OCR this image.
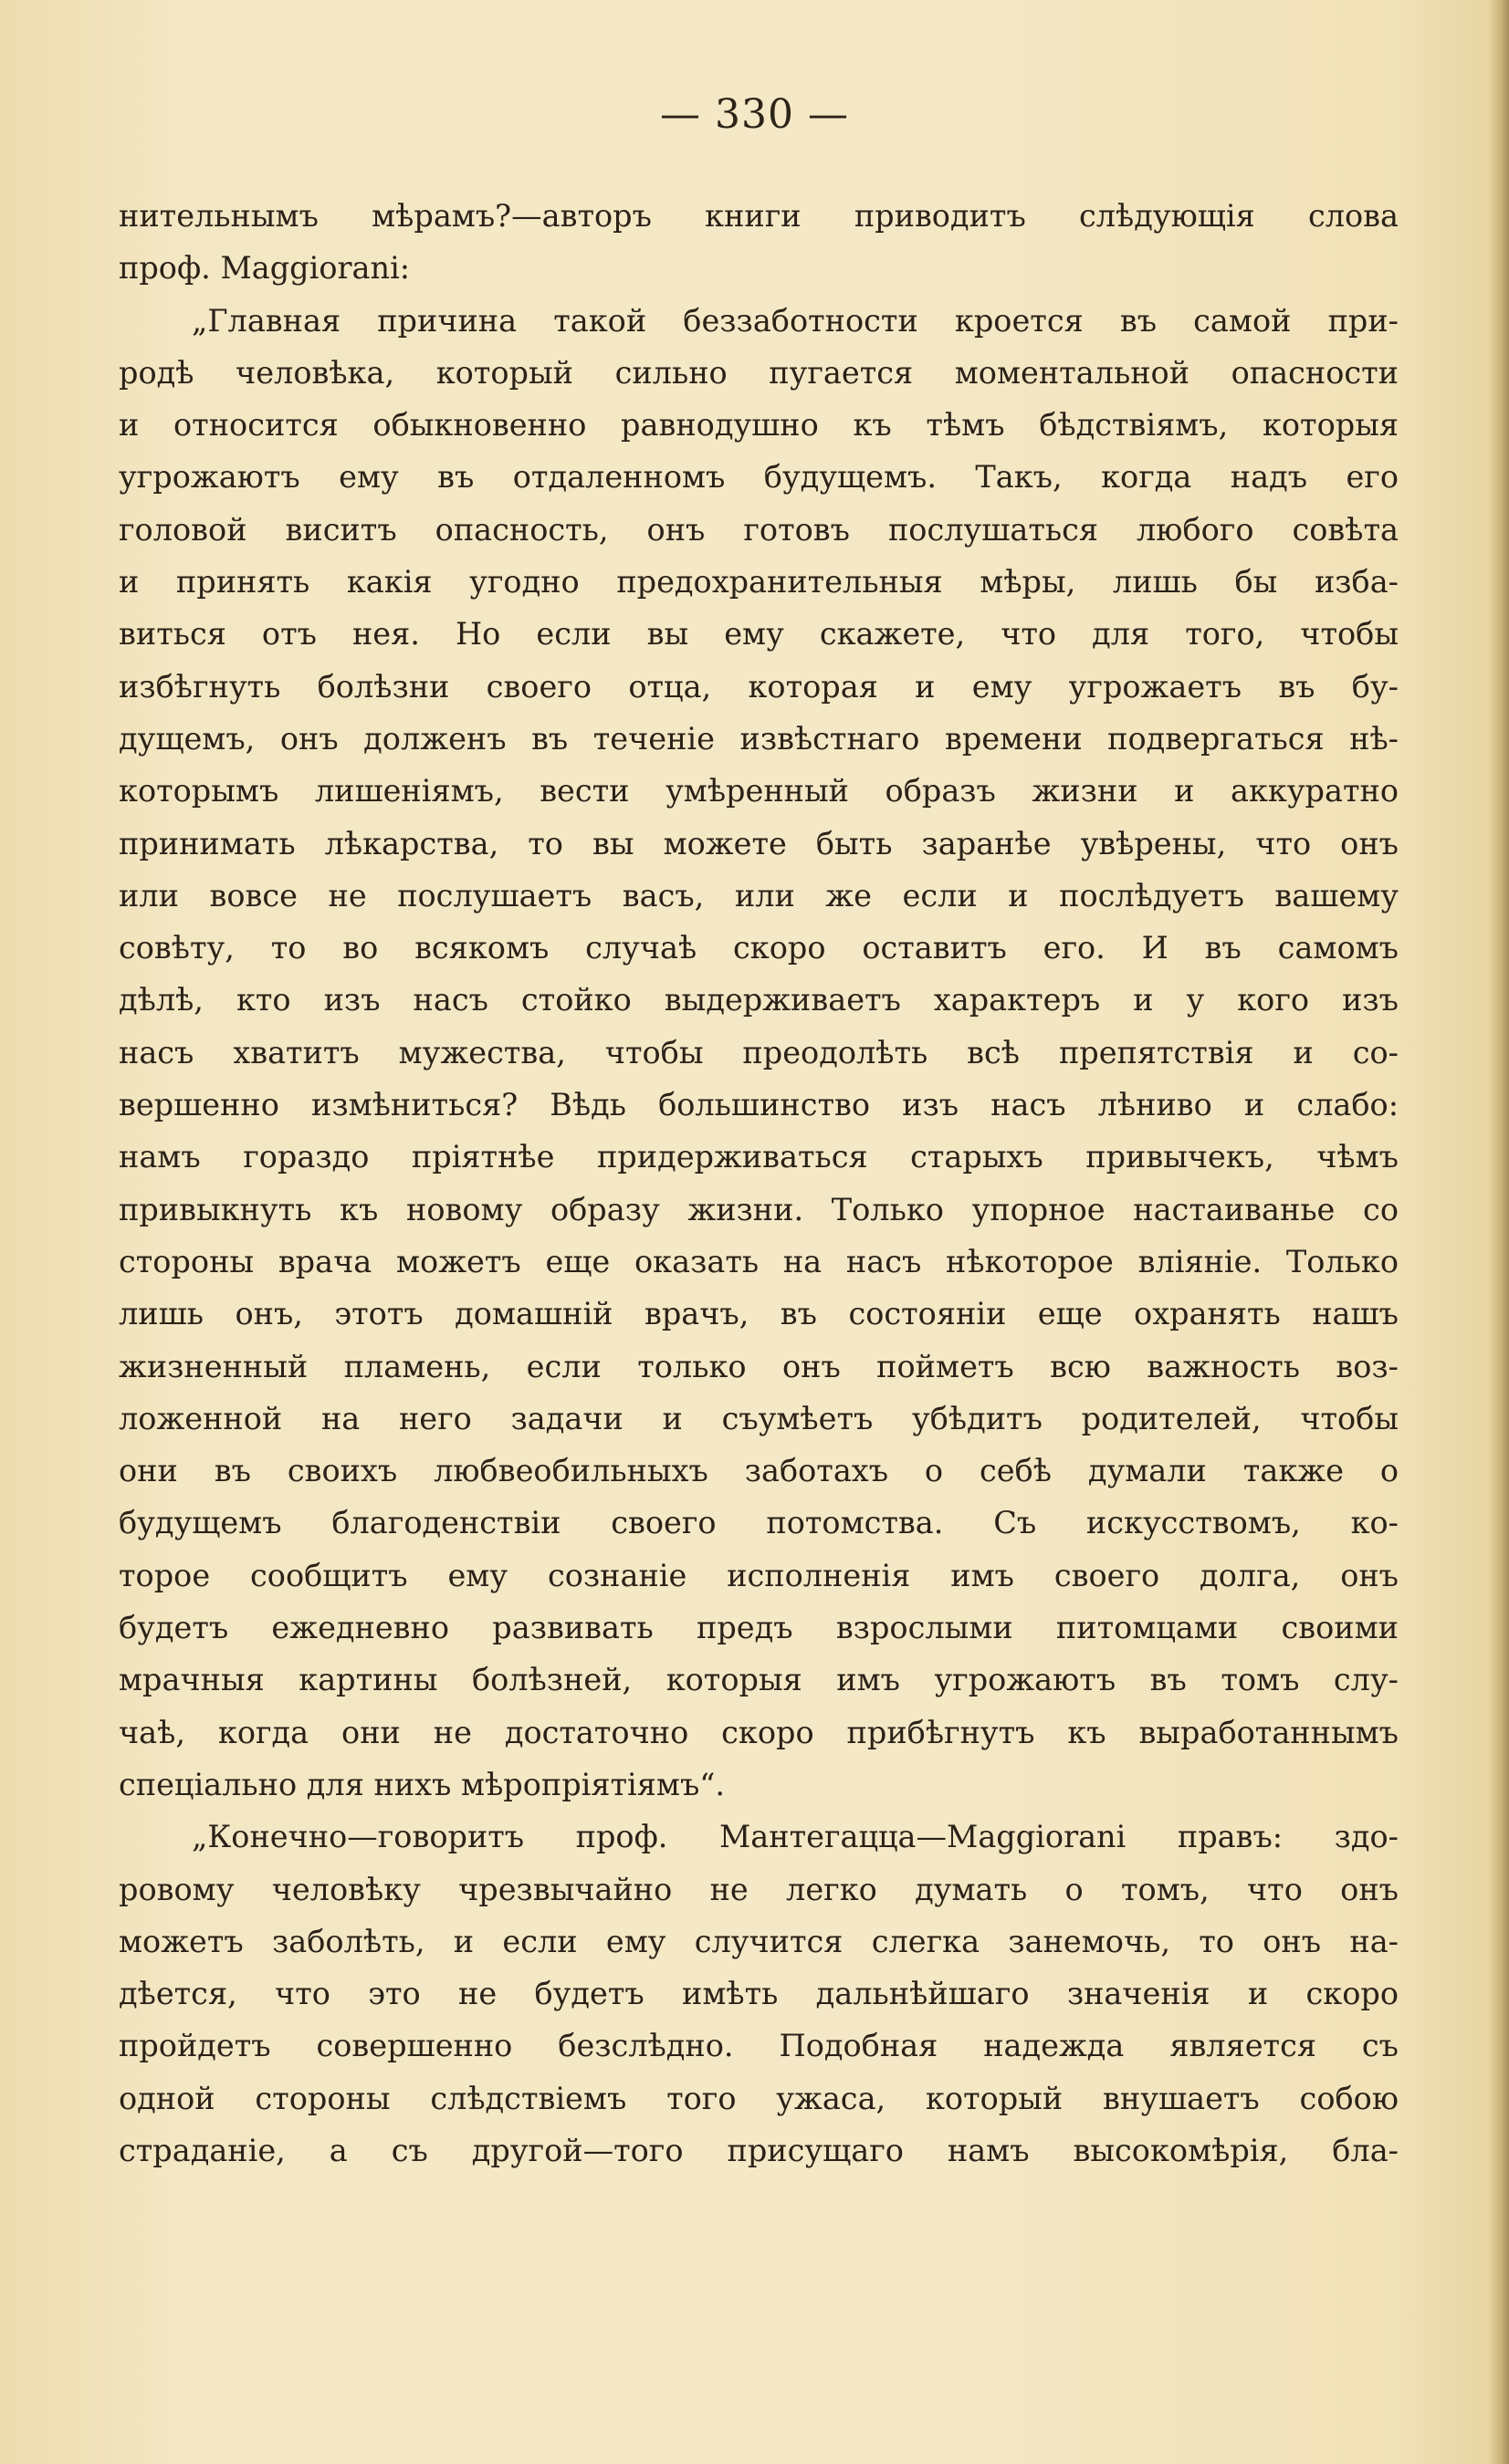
— 330 —
нительнымъ мѣрамъ?—авторъ книги приводитъ слѣдующія слова
проф. Maggiorani:
„Главная причина такой беззаботности кроется въ самой при-
родѣ человѣка, который сильно пугается моментальной опасности
и относится обыкновенно равнодушно къ тѣмъ бѣдствіямъ, которыя
угрожаютъ ему въ отдаленномъ будущемъ. Такъ, когда надъ его
головой виситъ опасность, онъ готовъ послушаться любого совѣта
и принять какія угодно предохранительныя мѣры, лишь бы изба-
виться отъ нея. Но если вы ему скажете, что для того, чтобы
избѣгнуть болѣзни своего отца, которая и ему угрожаетъ въ бу-
дущемъ, онъ долженъ въ теченіе извѣстнаго времени подвергаться нѣ-
которымъ лишеніямъ, вести умѣренный образъ жизни и аккуратно
принимать лѣкарства, то вы можете быть заранѣе увѣрены, что онъ
или вовсе не послушаетъ васъ, или же если и послѣдуетъ вашему
совѣту, то во всякомъ случаѣ скоро оставитъ его. И въ самомъ
дѣлѣ, кто изъ насъ стойко выдерживаетъ характеръ и у кого изъ
насъ хватитъ мужества, чтобы преодолѣть всѣ препятствія и со-
вершенно измѣниться? Вѣдь большинство изъ насъ лѣниво и слабо:
намъ гораздо пріятнѣе придерживаться старыхъ привычекъ, чѣмъ
привыкнуть къ новому образу жизни. Только упорное настаиванье со
стороны врача можетъ еще оказать на насъ нѣкоторое вліяніе. Только
лишь онъ, этотъ домашній врачъ, въ состояніи еще охранять нашъ
жизненный пламень, если только онъ пойметъ всю важность воз-
ложенной на него задачи и съумѣетъ убѣдитъ родителей, чтобы
они въ своихъ любвеобильныхъ заботахъ о себѣ думали также о
будущемъ благоденствіи своего потомства. Съ искусствомъ, ко-
торое сообщитъ ему сознаніе исполненія имъ своего долга, онъ
будетъ ежедневно развивать предъ взрослыми питомцами своими
мрачныя картины болѣзней, которыя имъ угрожаютъ въ томъ слу-
чаѣ, когда они не достаточно скоро прибѣгнутъ къ выработаннымъ
спеціально для нихъ мѣропріятіямъ“.
„Конечно—говоритъ проф. Мантегацца—Maggiorani правъ: здо-
ровому человѣку чрезвычайно не легко думать о томъ, что онъ
можетъ заболѣть, и если ему случится слегка занемочь, то онъ на-
дѣется, что это не будетъ имѣть дальнѣйшаго значенія и скоро
пройдетъ совершенно безслѣдно. Подобная надежда является съ
одной стороны слѣдствіемъ того ужаса, который внушаетъ собою
страданіе, а съ другой—того присущаго намъ высокомѣрія, бла-
